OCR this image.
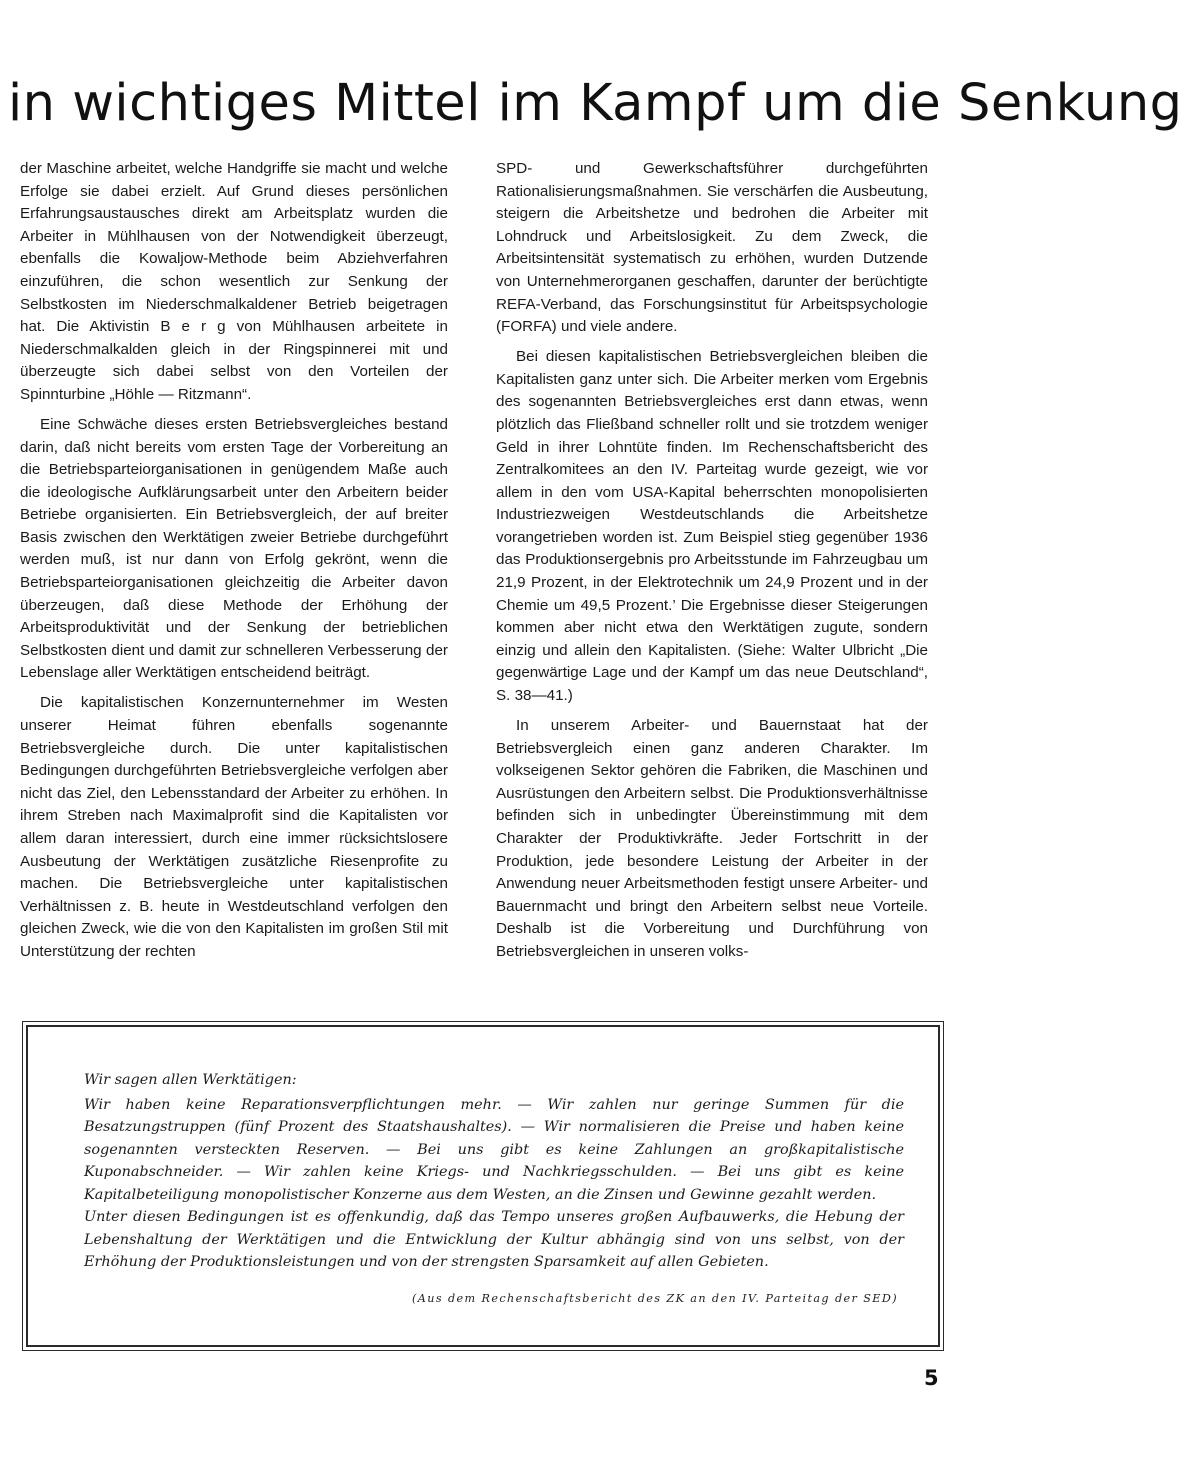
in wichtiges Mittel im Kampf um die Senkung

der Maschine arbeitet, welche Handgriffe sie macht und welche Erfolge sie dabei erzielt. Auf Grund dieses persönlichen Erfahrungsaustausches direkt am Arbeitsplatz wurden die Arbeiter in Mühlhausen von der Notwendigkeit überzeugt, ebenfalls die Kowaljow-Methode beim Abziehverfahren einzuführen, die schon wesentlich zur Senkung der Selbstkosten im Niederschmalkaldener Betrieb beigetragen hat. Die Aktivistin B e r g von Mühlhausen arbeitete in Niederschmalkalden gleich in der Ringspinnerei mit und überzeugte sich dabei selbst von den Vorteilen der Spinnturbine „Höhle — Ritzmann“.

Eine Schwäche dieses ersten Betriebsvergleiches bestand darin, daß nicht bereits vom ersten Tage der Vorbereitung an die Betriebsparteiorganisationen in genügendem Maße auch die ideologische Aufklärungsarbeit unter den Arbeitern beider Betriebe organisierten. Ein Betriebsvergleich, der auf breiter Basis zwischen den Werktätigen zweier Betriebe durchgeführt werden muß, ist nur dann von Erfolg gekrönt, wenn die Betriebsparteiorganisationen gleichzeitig die Arbeiter davon überzeugen, daß diese Methode der Erhöhung der Arbeitsproduktivität und der Senkung der betrieblichen Selbstkosten dient und damit zur schnelleren Verbesserung der Lebenslage aller Werktätigen entscheidend beiträgt.

Die kapitalistischen Konzernunternehmer im Westen unserer Heimat führen ebenfalls sogenannte Betriebsvergleiche durch. Die unter kapitalistischen Bedingungen durchgeführten Betriebsvergleiche verfolgen aber nicht das Ziel, den Lebensstandard der Arbeiter zu erhöhen. In ihrem Streben nach Maximalprofit sind die Kapitalisten vor allem daran interessiert, durch eine immer rücksichtslosere Ausbeutung der Werktätigen zusätzliche Riesenprofite zu machen. Die Betriebsvergleiche unter kapitalistischen Verhältnissen z. B. heute in Westdeutschland verfolgen den gleichen Zweck, wie die von den Kapitalisten im großen Stil mit Unterstützung der rechten

SPD- und Gewerkschaftsführer durchgeführten Rationalisierungsmaßnahmen. Sie verschärfen die Ausbeutung, steigern die Arbeitshetze und bedrohen die Arbeiter mit Lohndruck und Arbeitslosigkeit. Zu dem Zweck, die Arbeitsintensität systematisch zu erhöhen, wurden Dutzende von Unternehmerorganen geschaffen, darunter der berüchtigte REFA-Verband, das Forschungsinstitut für Arbeitspsychologie (FORFA) und viele andere.

Bei diesen kapitalistischen Betriebsvergleichen bleiben die Kapitalisten ganz unter sich. Die Arbeiter merken vom Ergebnis des sogenannten Betriebsvergleiches erst dann etwas, wenn plötzlich das Fließband schneller rollt und sie trotzdem weniger Geld in ihrer Lohntüte finden. Im Rechenschaftsbericht des Zentralkomitees an den IV. Parteitag wurde gezeigt, wie vor allem in den vom USA-Kapital beherrschten monopolisierten Industriezweigen Westdeutschlands die Arbeitshetze vorangetrieben worden ist. Zum Beispiel stieg gegenüber 1936 das Produktionsergebnis pro Arbeitsstunde im Fahrzeugbau um 21,9 Prozent, in der Elektrotechnik um 24,9 Prozent und in der Chemie um 49,5 Prozent.’ Die Ergebnisse dieser Steigerungen kommen aber nicht etwa den Werktätigen zugute, sondern einzig und allein den Kapitalisten. (Siehe: Walter Ulbricht „Die gegenwärtige Lage und der Kampf um das neue Deutschland“, S. 38—41.)

In unserem Arbeiter- und Bauernstaat hat der Betriebsvergleich einen ganz anderen Charakter. Im volkseigenen Sektor gehören die Fabriken, die Maschinen und Ausrüstungen den Arbeitern selbst. Die Produktionsverhältnisse befinden sich in unbedingter Übereinstimmung mit dem Charakter der Produktivkräfte. Jeder Fortschritt in der Produktion, jede besondere Leistung der Arbeiter in der Anwendung neuer Arbeitsmethoden festigt unsere Arbeiter- und Bauernmacht und bringt den Arbeitern selbst neue Vorteile. Deshalb ist die Vorbereitung und Durchführung von Betriebsvergleichen in unseren volks-

Wir sagen allen Werktätigen:

Wir haben keine Reparationsverpflichtungen mehr. — Wir zahlen nur geringe Summen für die Besatzungstruppen (fünf Prozent des Staatshaushaltes). — Wir normalisieren die Preise und haben keine sogenannten versteckten Reserven. — Bei uns gibt es keine Zahlungen an großkapitalistische Kuponabschneider. — Wir zahlen keine Kriegs- und Nachkriegsschulden. — Bei uns gibt es keine Kapitalbeteiligung monopolistischer Konzerne aus dem Westen, an die Zinsen und Gewinne gezahlt werden.

Unter diesen Bedingungen ist es offenkundig, daß das Tempo unseres großen Aufbauwerks, die Hebung der Lebenshaltung der Werktätigen und die Entwicklung der Kultur abhängig sind von uns selbst, von der Erhöhung der Produktionsleistungen und von der strengsten Sparsamkeit auf allen Gebieten.

(Aus dem Rechenschaftsbericht des ZK an den IV. Parteitag der SED)
5
